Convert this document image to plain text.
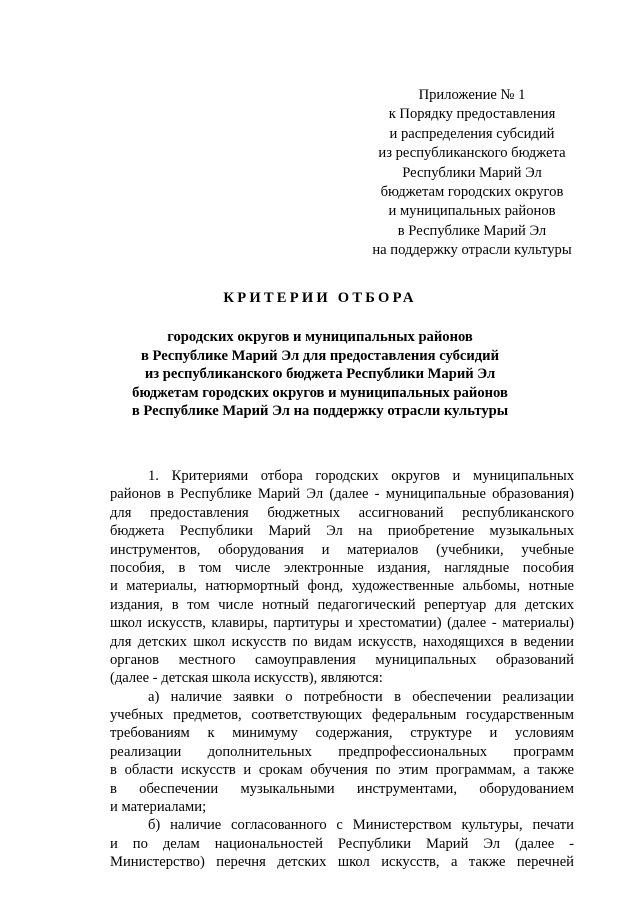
Приложение № 1
к Порядку предоставления
и распределения субсидий
из республиканского бюджета
Республики Марий Эл
бюджетам городских округов
и муниципальных районов
в Республике Марий Эл
на поддержку отрасли культуры
КРИТЕРИИ ОТБОРА
городских округов и муниципальных районов
в Республике Марий Эл для предоставления субсидий
из республиканского бюджета Республики Марий Эл
бюджетам городских округов и муниципальных районов
в Республике Марий Эл на поддержку отрасли культуры
1. Критериями отбора городских округов и муниципальных
районов в Республике Марий Эл (далее - муниципальные образования)
для предоставления бюджетных ассигнований республиканского
бюджета Республики Марий Эл на приобретение музыкальных
инструментов, оборудования и материалов (учебники, учебные
пособия, в том числе электронные издания, наглядные пособия
и материалы, натюрмортный фонд, художественные альбомы, нотные
издания, в том числе нотный педагогический репертуар для детских
школ искусств, клавиры, партитуры и хрестоматии) (далее - материалы)
для детских школ искусств по видам искусств, находящихся в ведении
органов местного самоуправления муниципальных образований
(далее - детская школа искусств), являются:
а) наличие заявки о потребности в обеспечении реализации
учебных предметов, соответствующих федеральным государственным
требованиям к минимуму содержания, структуре и условиям
реализации дополнительных предпрофессиональных программ
в области искусств и срокам обучения по этим программам, а также
в обеспечении музыкальными инструментами, оборудованием
и материалами;
б) наличие согласованного с Министерством культуры, печати
и по делам национальностей Республики Марий Эл (далее -
Министерство) перечня детских школ искусств, а также перечней
